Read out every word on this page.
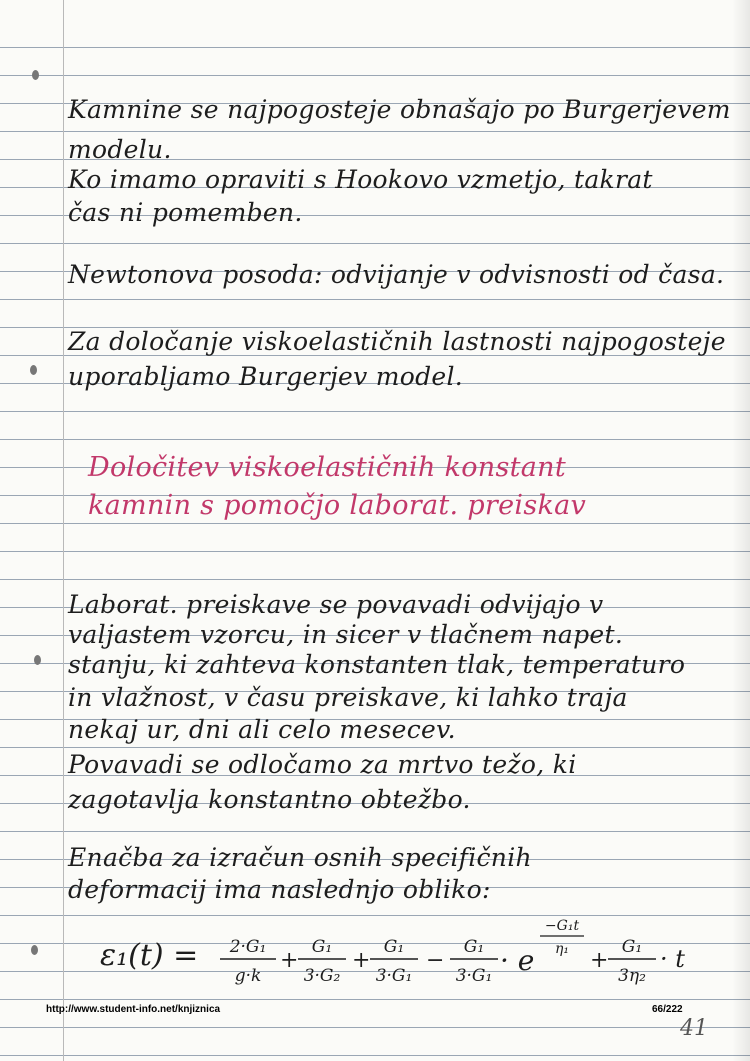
Kamnine se najpogosteje obnašajo po Burgerjevem
modelu.
Ko imamo opraviti s Hookovo vzmetjo, takrat
čas ni pomemben.
Newtonova posoda: odvijanje v odvisnosti od časa.
Za določanje viskoelastičnih lastnosti najpogosteje
uporabljamo Burgerjev model.
Določitev viskoelastičnih konstant
kamnin s pomočjo laborat. preiskav
Laborat. preiskave se povavadi odvijajo v
valjastem vzorcu, in sicer v tlačnem napet.
stanju, ki zahteva konstanten tlak, temperaturo
in vlažnost, v času preiskave, ki lahko traja
nekaj ur, dni ali celo mesecev.
Povavadi se odločamo za mrtvo težo, ki
zagotavlja konstantno obtežbo.
Enačba za izračun osnih specifičnih
deformacij ima naslednjo obliko:
ε₁(t) = 2·G₁
g·k
+
G₁
3·G₂
+
G₁
3·G₁
−
G₁
3·G₁ · e
−G₁t
η₁ +
G₁
3η₂
· t
http://www.student-info.net/knjiznica	66/222
41
